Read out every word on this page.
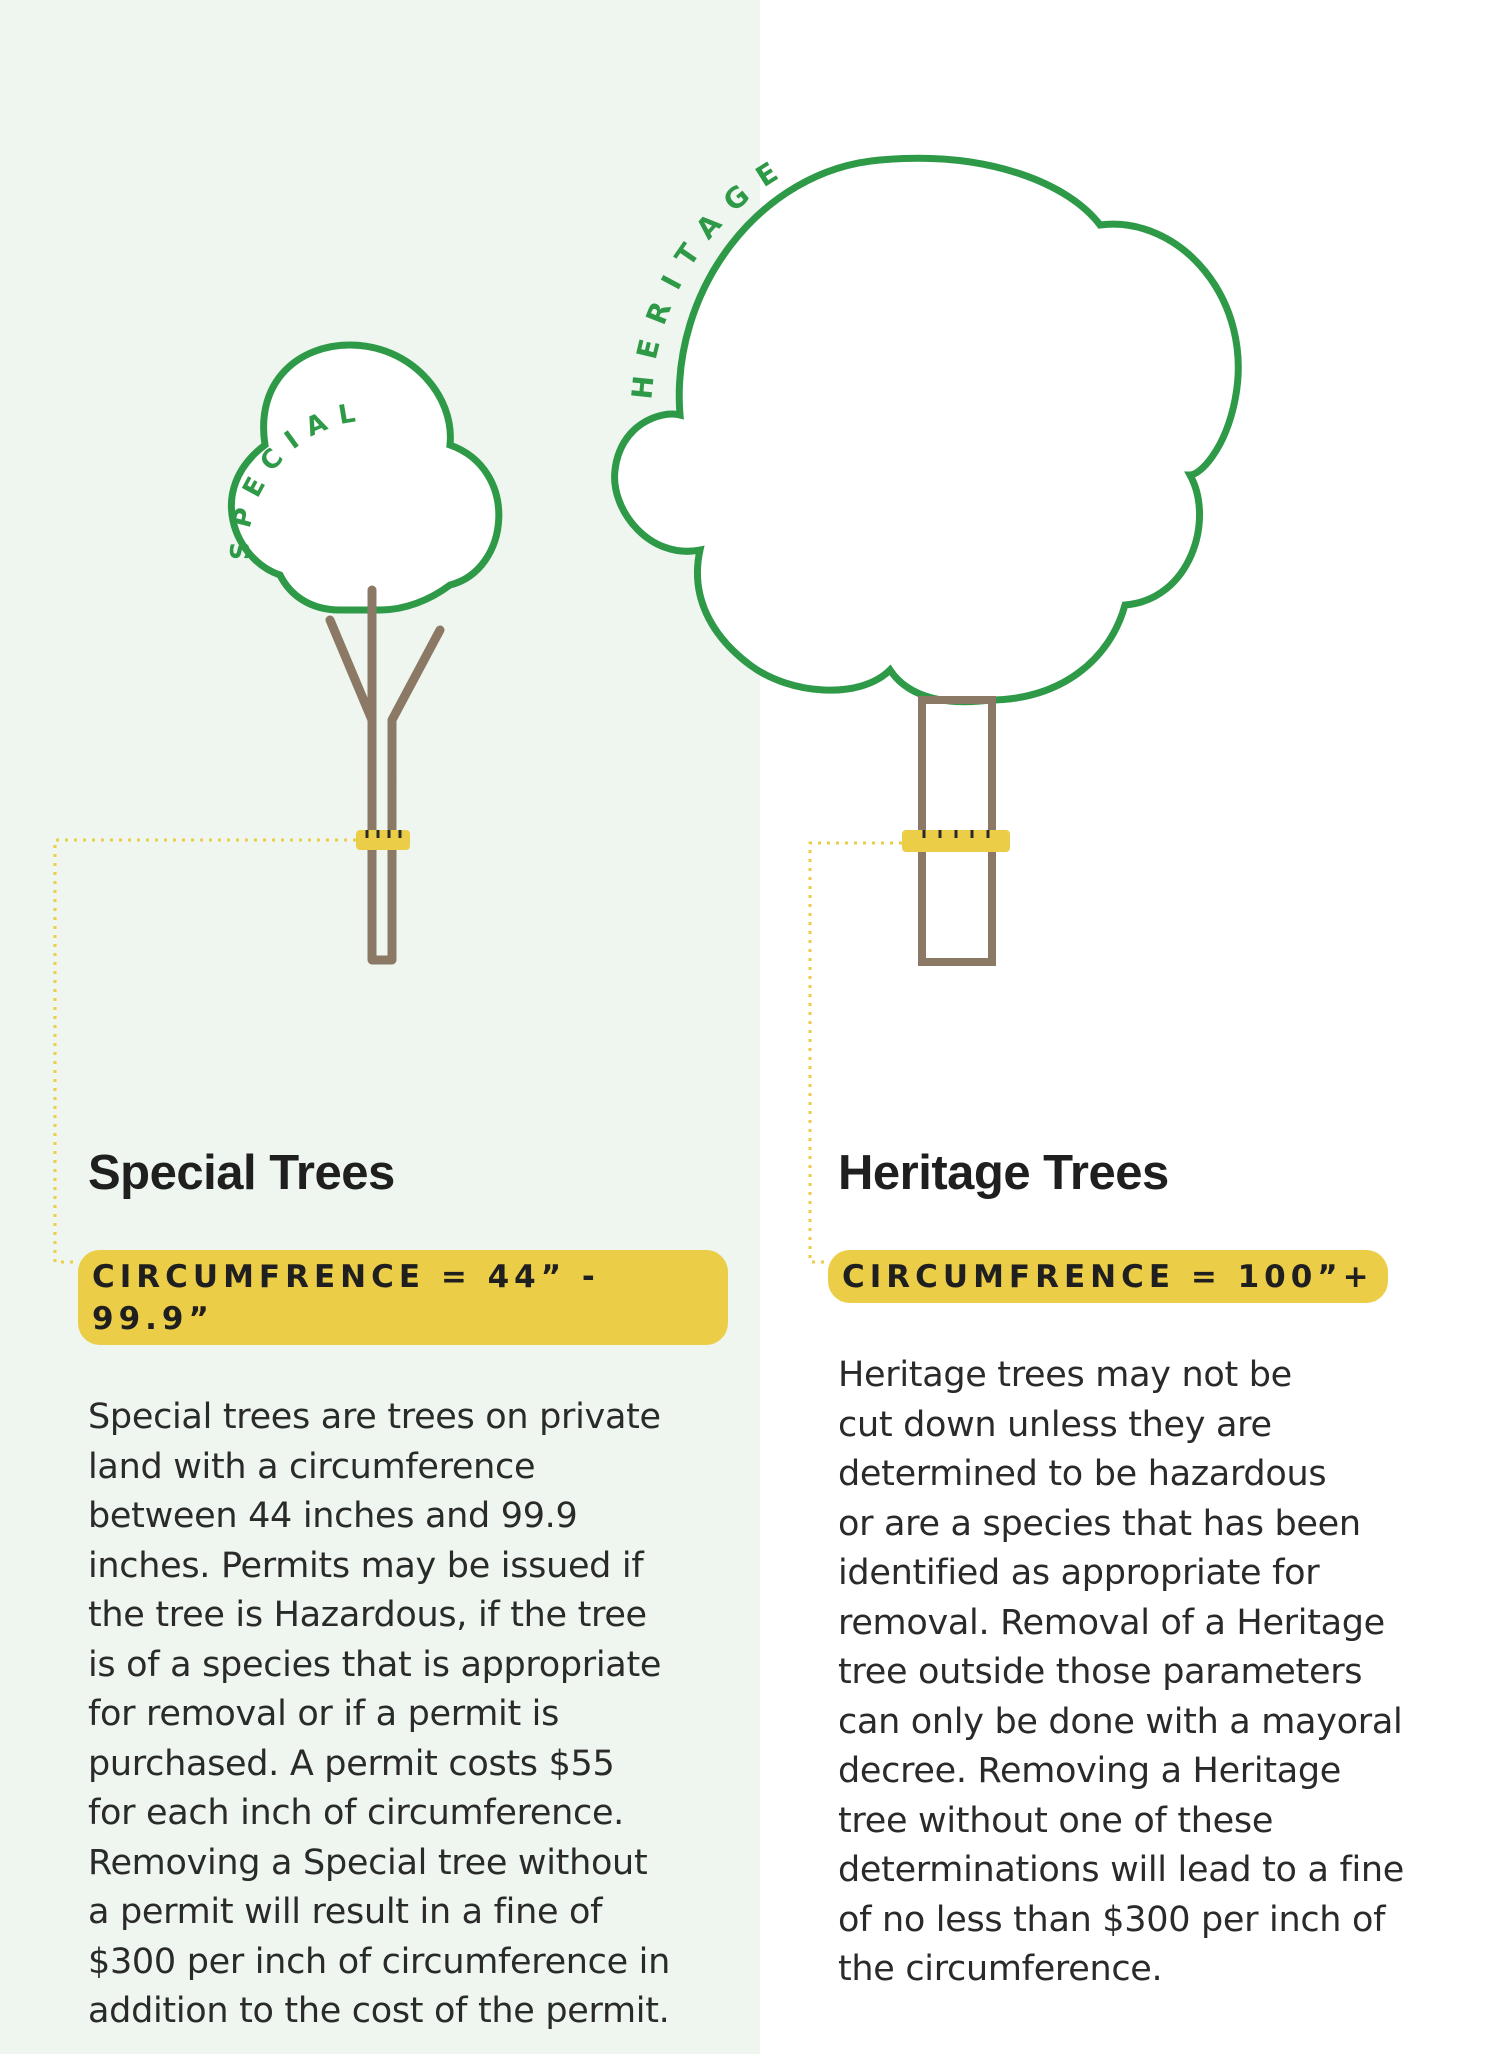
SPECIAL
HERITAGE
Special Trees
CIRCUMFRENCE = 44” - 99.9”
Special trees are trees on private
land with a circumference
between 44 inches and 99.9
inches. Permits may be issued if
the tree is Hazardous, if the tree
is of a species that is appropriate
for removal or if a permit is
purchased. A permit costs $55
for each inch of circumference.
Removing a Special tree without
a permit will result in a fine of
$300 per inch of circumference in
addition to the cost of the permit.
Heritage Trees
CIRCUMFRENCE = 100”+
Heritage trees may not be
cut down unless they are
determined to be hazardous
or are a species that has been
identified as appropriate for
removal. Removal of a Heritage
tree outside those parameters
can only be done with a mayoral
decree. Removing a Heritage
tree without one of these
determinations will lead to a fine
of no less than $300 per inch of
the circumference.
